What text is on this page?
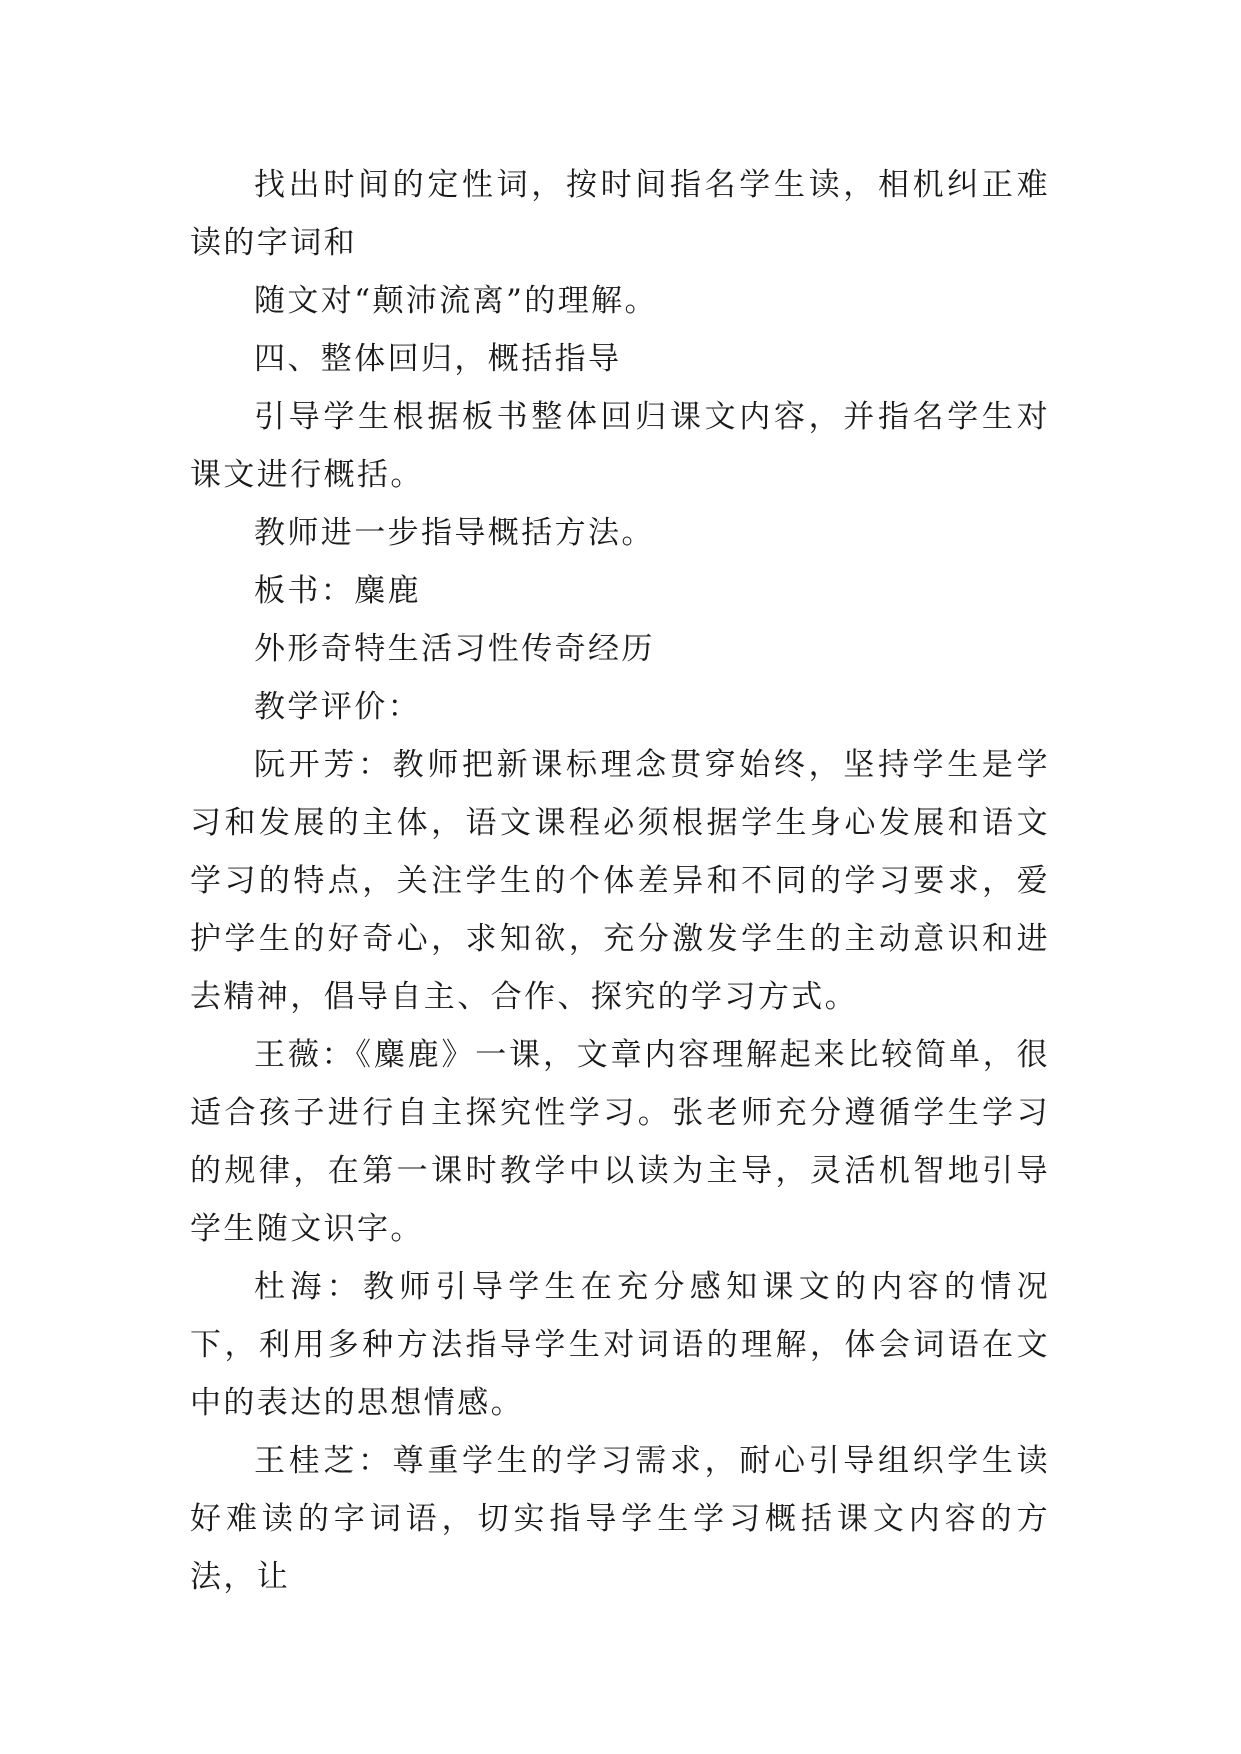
找出时间的定性词，按时间指名学生读，相机纠正难读的字词和

随文对“颠沛流离”的理解。

四、整体回归，概括指导

引导学生根据板书整体回归课文内容，并指名学生对课文进行概括。

教师进一步指导概括方法。

板书：麋鹿

外形奇特生活习性传奇经历

教学评价：

阮开芳：教师把新课标理念贯穿始终，坚持学生是学习和发展的主体，语文课程必须根据学生身心发展和语文学习的特点，关注学生的个体差异和不同的学习要求，爱护学生的好奇心，求知欲，充分激发学生的主动意识和进去精神，倡导自主、合作、探究的学习方式。

王薇：《麋鹿》一课，文章内容理解起来比较简单，很适合孩子进行自主探究性学习。张老师充分遵循学生学习的规律，在第一课时教学中以读为主导，灵活机智地引导学生随文识字。

杜海：教师引导学生在充分感知课文的内容的情况下，利用多种方法指导学生对词语的理解，体会词语在文中的表达的思想情感。

王桂芝：尊重学生的学习需求，耐心引导组织学生读好难读的字词语，切实指导学生学习概括课文内容的方法，让
